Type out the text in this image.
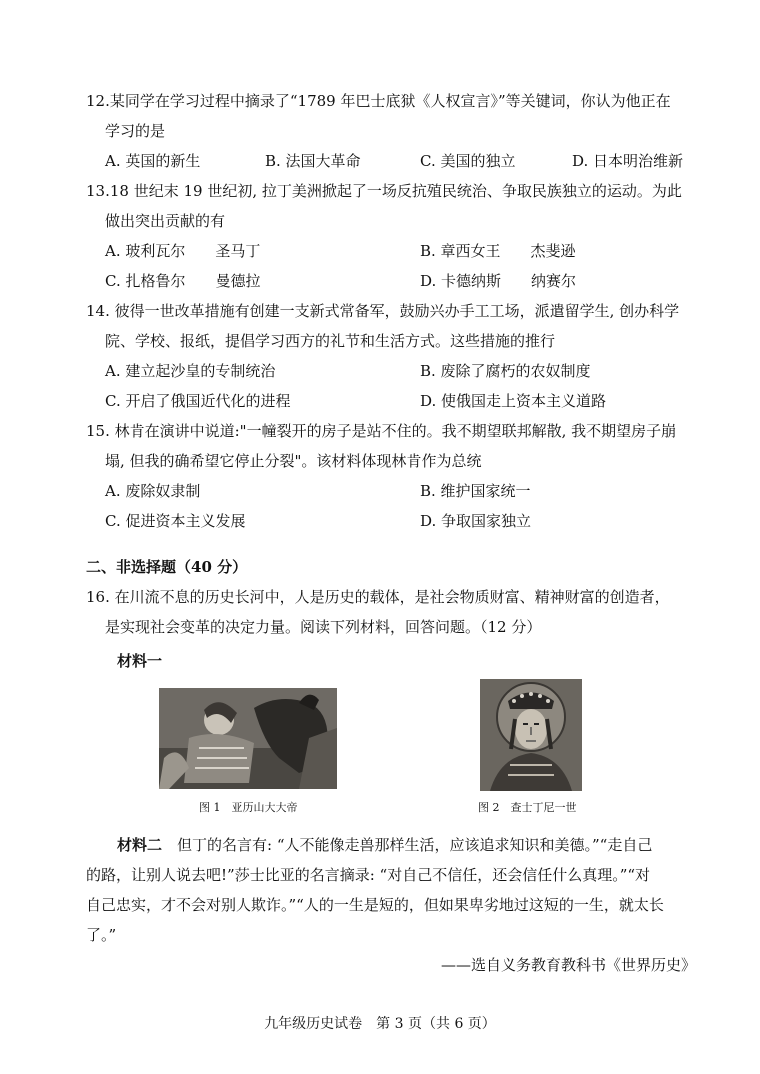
12.某同学在学习过程中摘录了“1789 年巴士底狱《人权宣言》”等关键词，你认为他正在
学习的是
A. 英国的新生	B. 法国大革命	C. 美国的独立	D. 日本明治维新
13.18 世纪末 19 世纪初, 拉丁美洲掀起了一场反抗殖民统治、争取民族独立的运动。为此
做出突出贡献的有
A. 玻利瓦尔　　圣马丁	B. 章西女王　　杰斐逊
C. 扎格鲁尔　　曼德拉	D. 卡德纳斯　　纳赛尔
14. 彼得一世改革措施有创建一支新式常备军，鼓励兴办手工工场，派遣留学生, 创办科学
院、学校、报纸，提倡学习西方的礼节和生活方式。这些措施的推行
A. 建立起沙皇的专制统治	B. 废除了腐朽的农奴制度
C. 开启了俄国近代化的进程	D. 使俄国走上资本主义道路
15. 林肯在演讲中说道:"一幢裂开的房子是站不住的。我不期望联邦解散, 我不期望房子崩
塌, 但我的确希望它停止分裂"。该材料体现林肯作为总统
A. 废除奴隶制	B. 维护国家统一
C. 促进资本主义发展	D. 争取国家独立
二、非选择题（40 分）
16. 在川流不息的历史长河中，人是历史的载体，是社会物质财富、精神财富的创造者，
是实现社会变革的决定力量。阅读下列材料，回答问题。（12 分）
材料一
图 1　亚历山大大帝	图 2　查士丁尼一世
材料二　但丁的名言有: “人不能像走兽那样生活，应该追求知识和美德。”“走自己
的路，让别人说去吧!”莎士比亚的名言摘录: “对自己不信任，还会信任什么真理。”“对
自己忠实，才不会对别人欺诈。”“人的一生是短的，但如果卑劣地过这短的一生，就太长
了。”
——选自义务教育教科书《世界历史》
九年级历史试卷　第 3 页（共 6 页）
